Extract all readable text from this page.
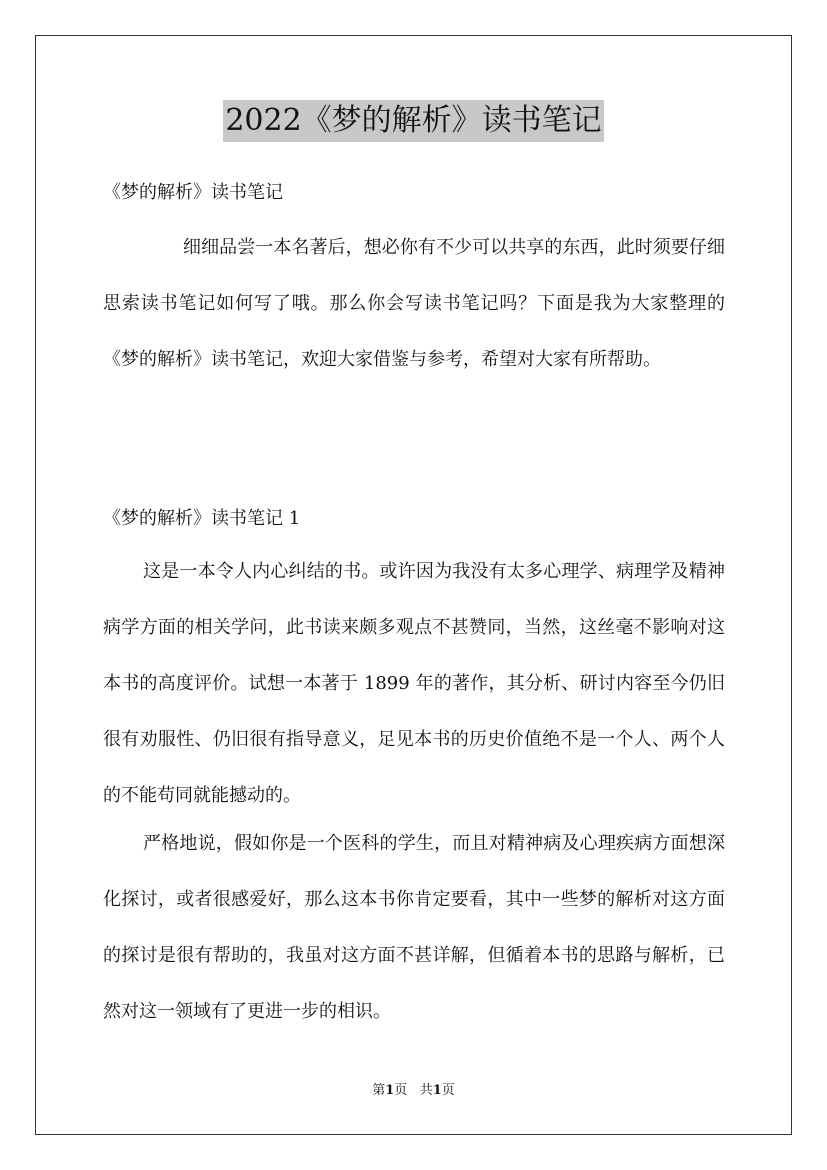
2022《梦的解析》读书笔记
《梦的解析》读书笔记
细细品尝一本名著后，想必你有不少可以共享的东西，此时须要仔细思索读书笔记如何写了哦。那么你会写读书笔记吗？下面是我为大家整理的《梦的解析》读书笔记，欢迎大家借鉴与参考，希望对大家有所帮助。
《梦的解析》读书笔记 1
这是一本令人内心纠结的书。或许因为我没有太多心理学、病理学及精神病学方面的相关学问，此书读来颇多观点不甚赞同，当然，这丝毫不影响对这本书的高度评价。试想一本著于 1899 年的著作，其分析、研讨内容至今仍旧很有劝服性、仍旧很有指导意义，足见本书的历史价值绝不是一个人、两个人的不能苟同就能撼动的。
严格地说，假如你是一个医科的学生，而且对精神病及心理疾病方面想深化探讨，或者很感爱好，那么这本书你肯定要看，其中一些梦的解析对这方面的探讨是很有帮助的，我虽对这方面不甚详解，但循着本书的思路与解析，已然对这一领域有了更进一步的相识。
第1页 共1页
